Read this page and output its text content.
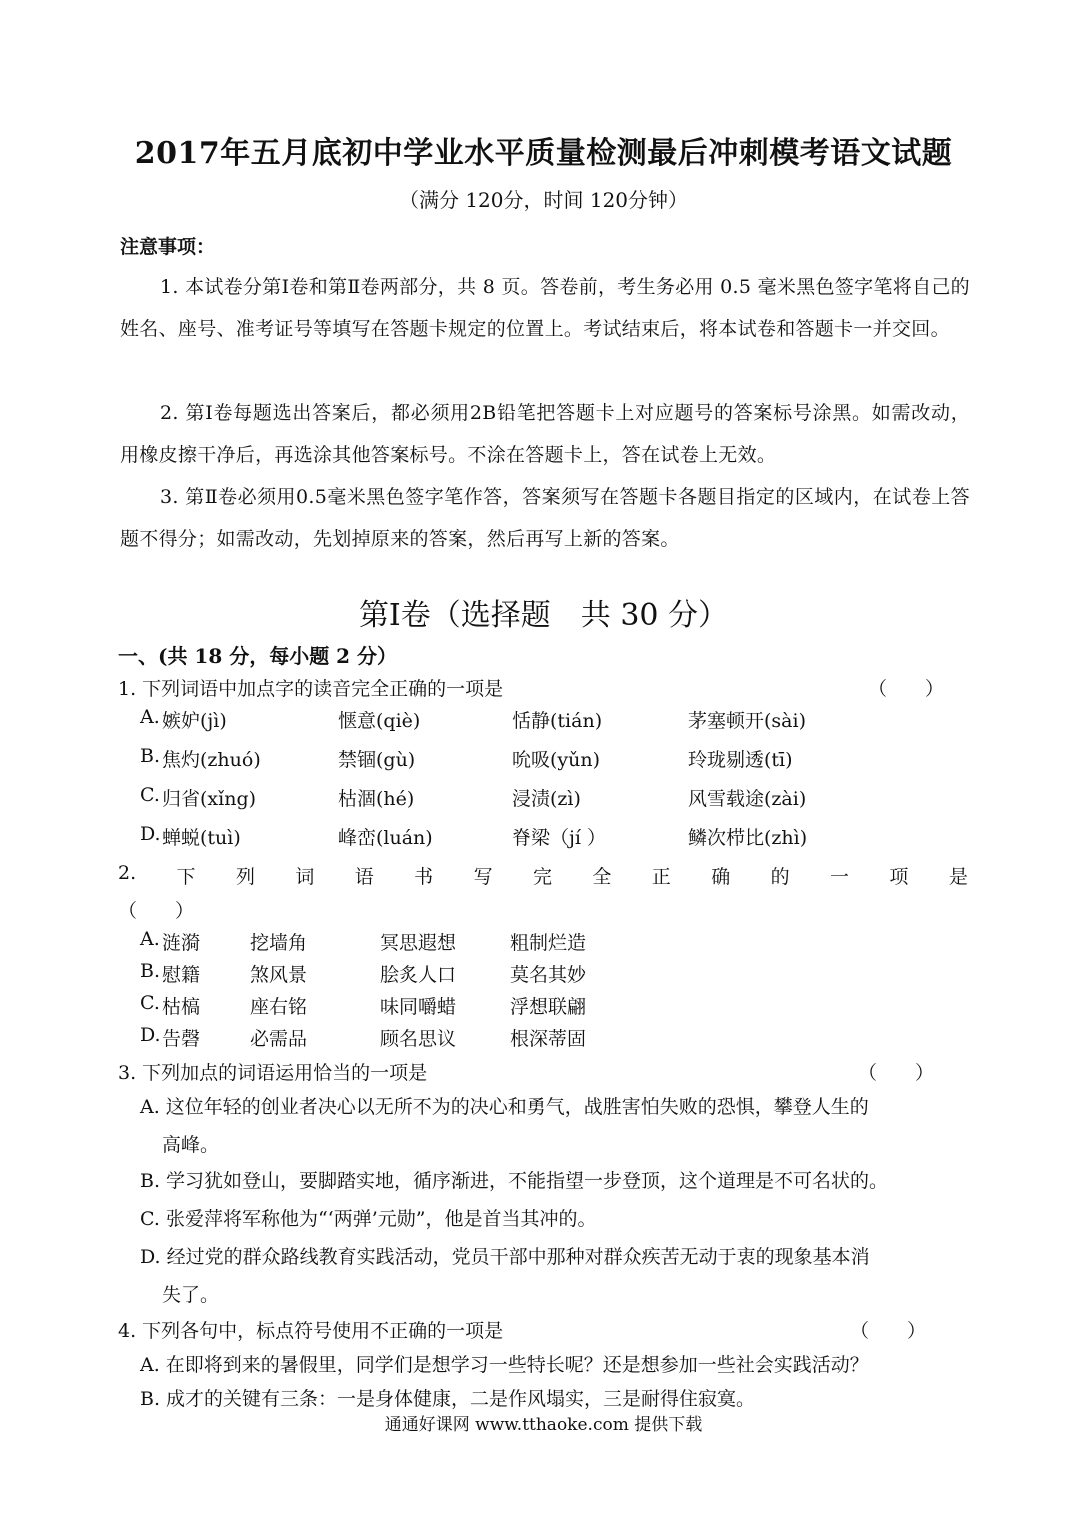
2017年五月底初中学业水平质量检测最后冲刺模考语文试题
（满分 120分，时间 120分钟）
注意事项：
1. 本试卷分第Ⅰ卷和第Ⅱ卷两部分，共 8 页。答卷前，考生务必用 0.5 毫米黑色签字笔将自己的姓名、座号、准考证号等填写在答题卡规定的位置上。考试结束后，将本试卷和答题卡一并交回。
2. 第Ⅰ卷每题选出答案后，都必须用2B铅笔把答题卡上对应题号的答案标号涂黑。如需改动，用橡皮擦干净后，再选涂其他答案标号。不涂在答题卡上，答在试卷上无效。
3. 第Ⅱ卷必须用0.5毫米黑色签字笔作答，答案须写在答题卡各题目指定的区域内，在试卷上答题不得分；如需改动，先划掉原来的答案，然后再写上新的答案。
第Ⅰ卷（选择题　共 30 分）
一、(共 18 分，每小题 2 分）
1. 下列词语中加点字的读音完全正确的一项是	（　　）
A. 嫉妒(jì)	惬意(qiè)	恬静(tián)	茅塞顿开(sài)
B. 焦灼(zhuó)	禁锢(gù)	吮吸(yǔn)	玲珑剔透(tī)
C. 归省(xǐng)	枯涸(hé)	浸渍(zì)	风雪载途(zài)
D. 蝉蜕(tuì)	峰峦(luán)	脊梁（jí ）	鳞次栉比(zhì)
2. 下 列 词 语 书 写 完 全 正 确 的 一 项 是
（　　）
A. 涟漪	挖墙角	冥思遐想	粗制烂造
B. 慰籍	煞风景	脍炙人口	莫名其妙
C. 枯槁	座右铭	味同嚼蜡	浮想联翩
D. 告磬	必需品	顾名思议	根深蒂固
3. 下列加点的词语运用恰当的一项是	（　　）
A. 这位年轻的创业者决心以无所不为的决心和勇气，战胜害怕失败的恐惧，攀登人生的
高峰。
B. 学习犹如登山，要脚踏实地，循序渐进，不能指望一步登顶，这个道理是不可名状的。
C. 张爱萍将军称他为“‘两弹’元勋”，他是首当其冲的。
D. 经过党的群众路线教育实践活动，党员干部中那种对群众疾苦无动于衷的现象基本消
失了。
4. 下列各句中，标点符号使用不正确的一项是	（　　）
A. 在即将到来的暑假里，同学们是想学习一些特长呢？还是想参加一些社会实践活动？
B. 成才的关键有三条：一是身体健康，二是作风塌实，三是耐得住寂寞。
通通好课网 www.tthaoke.com 提供下载
